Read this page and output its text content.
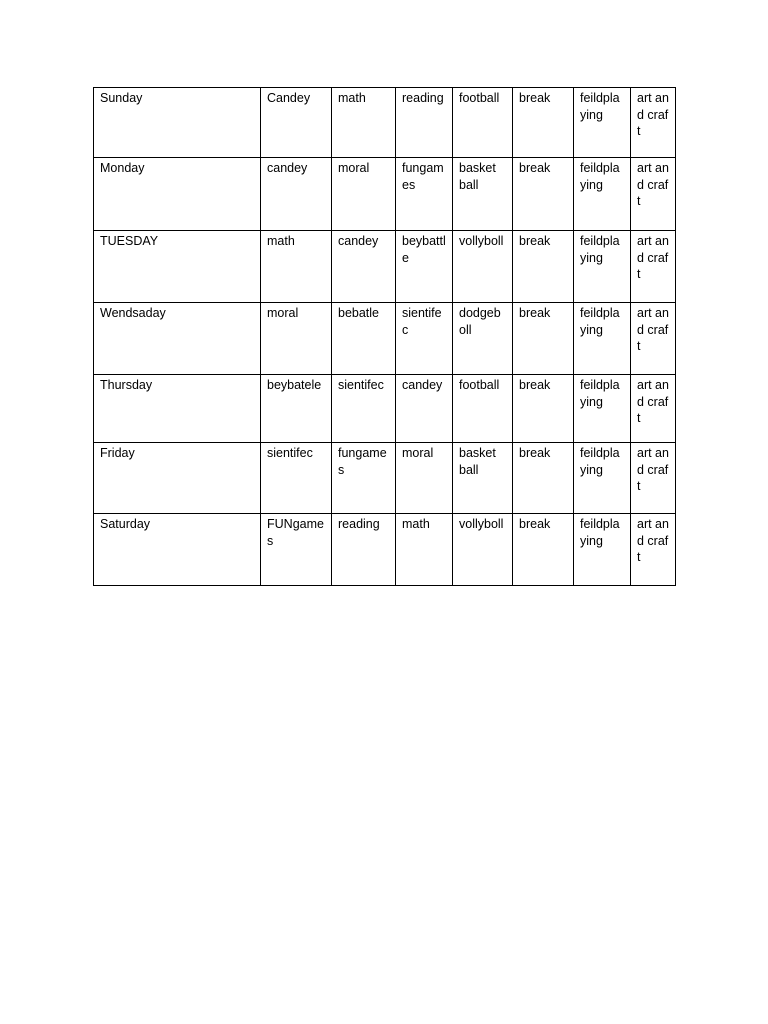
Sunday	Candey	math	reading	football	break	feildplaying	art and craft
Monday	candey	moral	fungames	basket ball	break	feildplaying	art and craft
TUESDAY	math	candey	beybattle	vollyboll	break	feildplaying	art and craft
Wendsaday	moral	bebatle	sientifec	dodgeboll	break	feildplaying	art and craft
Thursday	beybatele	sientifec	candey	football	break	feildplaying	art and craft
Friday	sientifec	fungames	moral	basket ball	break	feildplaying	art and craft
Saturday	FUNgames	reading	math	vollyboll	break	feildplaying	art and craft
